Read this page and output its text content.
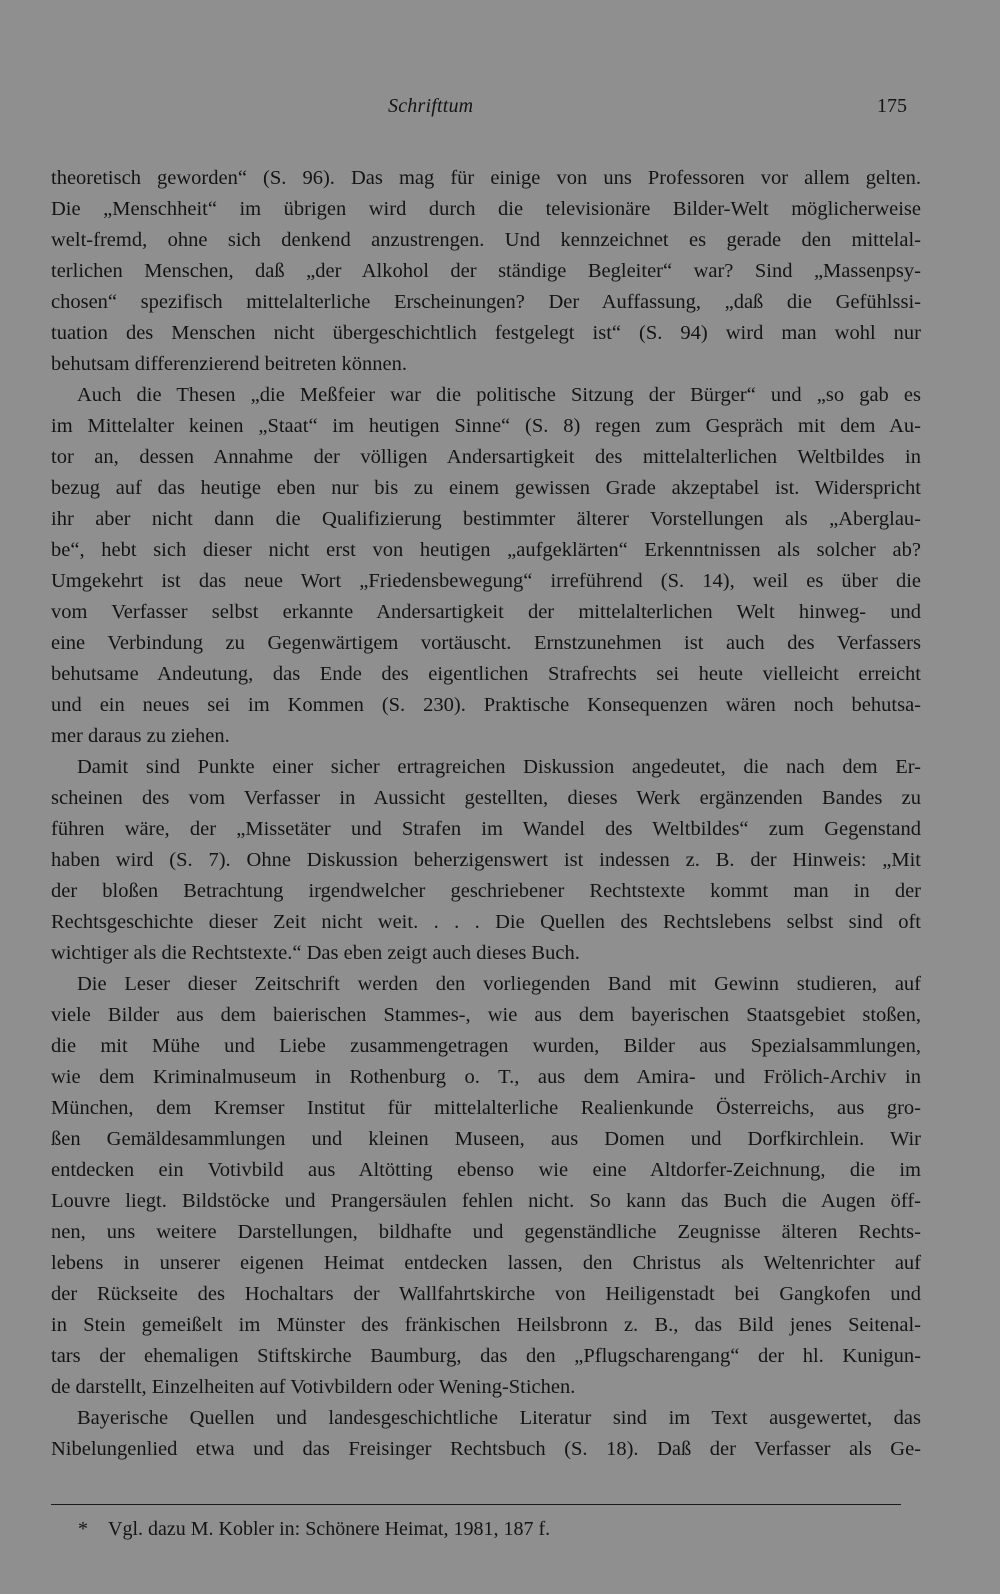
Schrifttum	175
theoretisch geworden“ (S. 96). Das mag für einige von uns Professoren vor allem gelten.
Die „Menschheit“ im übrigen wird durch die televisionäre Bilder-Welt möglicherweise
welt-fremd, ohne sich denkend anzustrengen. Und kennzeichnet es gerade den mittelal-
terlichen Menschen, daß „der Alkohol der ständige Begleiter“ war? Sind „Massenpsy-
chosen“ spezifisch mittelalterliche Erscheinungen? Der Auffassung, „daß die Gefühlssi-
tuation des Menschen nicht übergeschichtlich festgelegt ist“ (S. 94) wird man wohl nur
behutsam differenzierend beitreten können.
Auch die Thesen „die Meßfeier war die politische Sitzung der Bürger“ und „so gab es
im Mittelalter keinen „Staat“ im heutigen Sinne“ (S. 8) regen zum Gespräch mit dem Au-
tor an, dessen Annahme der völligen Andersartigkeit des mittelalterlichen Weltbildes in
bezug auf das heutige eben nur bis zu einem gewissen Grade akzeptabel ist. Widerspricht
ihr aber nicht dann die Qualifizierung bestimmter älterer Vorstellungen als „Aberglau-
be“, hebt sich dieser nicht erst von heutigen „aufgeklärten“ Erkenntnissen als solcher ab?
Umgekehrt ist das neue Wort „Friedensbewegung“ irreführend (S. 14), weil es über die
vom Verfasser selbst erkannte Andersartigkeit der mittelalterlichen Welt hinweg- und
eine Verbindung zu Gegenwärtigem vortäuscht. Ernstzunehmen ist auch des Verfassers
behutsame Andeutung, das Ende des eigentlichen Strafrechts sei heute vielleicht erreicht
und ein neues sei im Kommen (S. 230). Praktische Konsequenzen wären noch behutsa-
mer daraus zu ziehen.
Damit sind Punkte einer sicher ertragreichen Diskussion angedeutet, die nach dem Er-
scheinen des vom Verfasser in Aussicht gestellten, dieses Werk ergänzenden Bandes zu
führen wäre, der „Missetäter und Strafen im Wandel des Weltbildes“ zum Gegenstand
haben wird (S. 7). Ohne Diskussion beherzigenswert ist indessen z. B. der Hinweis: „Mit
der bloßen Betrachtung irgendwelcher geschriebener Rechtstexte kommt man in der
Rechtsgeschichte dieser Zeit nicht weit. . . . Die Quellen des Rechtslebens selbst sind oft
wichtiger als die Rechtstexte.“ Das eben zeigt auch dieses Buch.
Die Leser dieser Zeitschrift werden den vorliegenden Band mit Gewinn studieren, auf
viele Bilder aus dem baierischen Stammes-, wie aus dem bayerischen Staatsgebiet stoßen,
die mit Mühe und Liebe zusammengetragen wurden, Bilder aus Spezialsammlungen,
wie dem Kriminalmuseum in Rothenburg o. T., aus dem Amira- und Frölich-Archiv in
München, dem Kremser Institut für mittelalterliche Realienkunde Österreichs, aus gro-
ßen Gemäldesammlungen und kleinen Museen, aus Domen und Dorfkirchlein. Wir
entdecken ein Votivbild aus Altötting ebenso wie eine Altdorfer-Zeichnung, die im
Louvre liegt. Bildstöcke und Prangersäulen fehlen nicht. So kann das Buch die Augen öff-
nen, uns weitere Darstellungen, bildhafte und gegenständliche Zeugnisse älteren Rechts-
lebens in unserer eigenen Heimat entdecken lassen, den Christus als Weltenrichter auf
der Rückseite des Hochaltars der Wallfahrtskirche von Heiligenstadt bei Gangkofen und
in Stein gemeißelt im Münster des fränkischen Heilsbronn z. B., das Bild jenes Seitenal-
tars der ehemaligen Stiftskirche Baumburg, das den „Pflugscharengang“ der hl. Kunigun-
de darstellt, Einzelheiten auf Votivbildern oder Wening-Stichen.
Bayerische Quellen und landesgeschichtliche Literatur sind im Text ausgewertet, das
Nibelungenlied etwa und das Freisinger Rechtsbuch (S. 18). Daß der Verfasser als Ge-
* Vgl. dazu M. Kobler in: Schönere Heimat, 1981, 187 f.
